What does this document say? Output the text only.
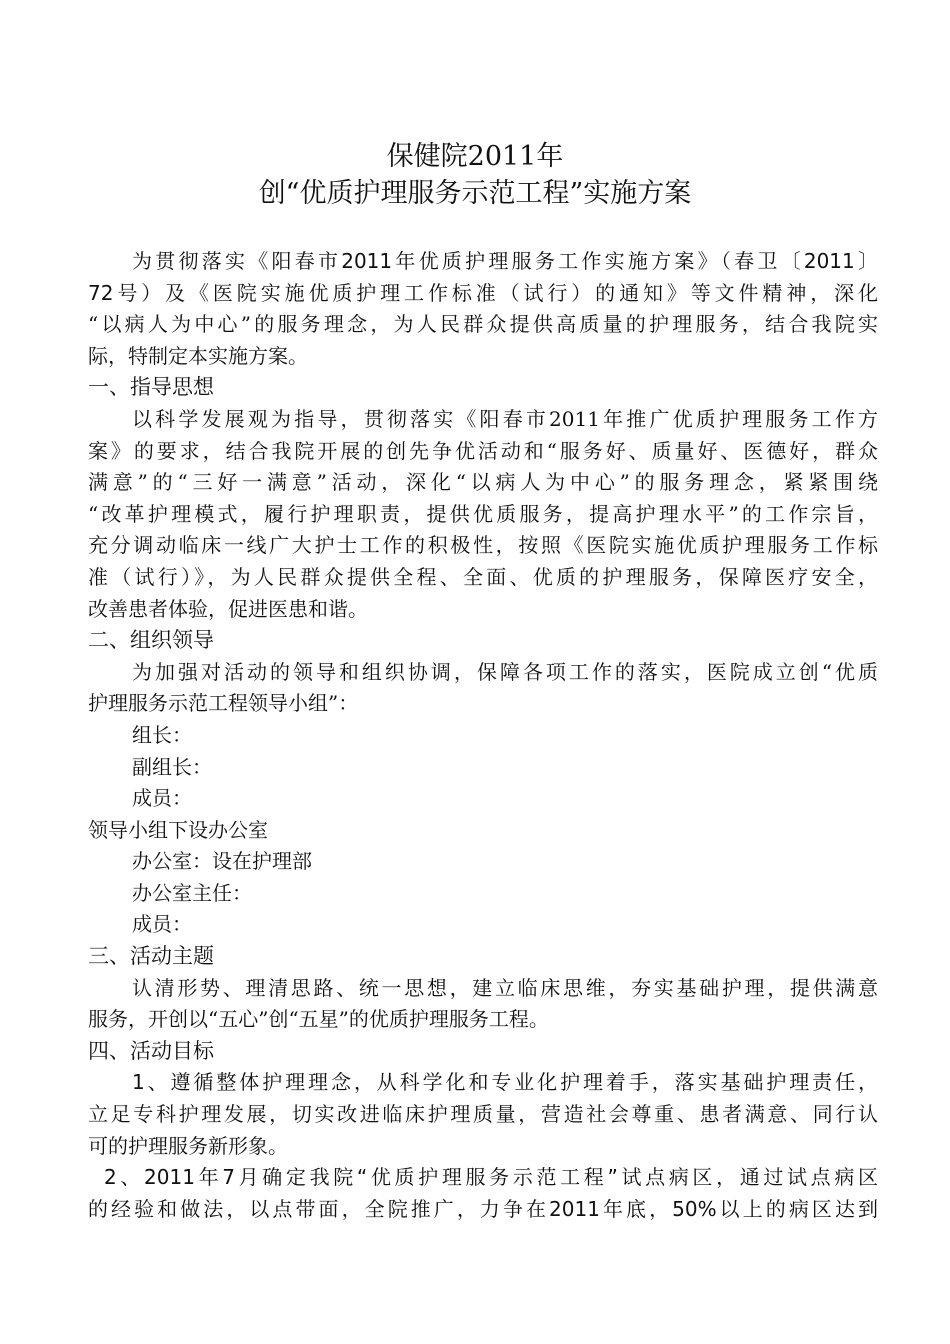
保健院2011年
创“优质护理服务示范工程”实施方案
为贯彻落实《阳春市2011年优质护理服务工作实施方案》（春卫〔2011〕
72号）及《医院实施优质护理工作标准（试行）的通知》等文件精神，深化
“以病人为中心”的服务理念，为人民群众提供高质量的护理服务，结合我院实
际，特制定本实施方案。
一、指导思想
以科学发展观为指导，贯彻落实《阳春市2011年推广优质护理服务工作方
案》的要求，结合我院开展的创先争优活动和“服务好、质量好、医德好，群众
满意”的“三好一满意”活动，深化“以病人为中心”的服务理念，紧紧围绕
“改革护理模式，履行护理职责，提供优质服务，提高护理水平”的工作宗旨，
充分调动临床一线广大护士工作的积极性，按照《医院实施优质护理服务工作标
准（试行）》，为人民群众提供全程、全面、优质的护理服务，保障医疗安全，
改善患者体验，促进医患和谐。
二、组织领导
为加强对活动的领导和组织协调，保障各项工作的落实，医院成立创“优质
护理服务示范工程领导小组”：
组长：
副组长：
成员：
领导小组下设办公室
办公室：设在护理部
办公室主任：
成员：
三、活动主题
认清形势、理清思路、统一思想，建立临床思维，夯实基础护理，提供满意
服务，开创以“五心”创“五星”的优质护理服务工程。
四、活动目标
1、遵循整体护理理念，从科学化和专业化护理着手，落实基础护理责任，
立足专科护理发展，切实改进临床护理质量，营造社会尊重、患者满意、同行认
可的护理服务新形象。
2、2011年7月确定我院“优质护理服务示范工程”试点病区，通过试点病区
的经验和做法，以点带面，全院推广，力争在2011年底，50%以上的病区达到
